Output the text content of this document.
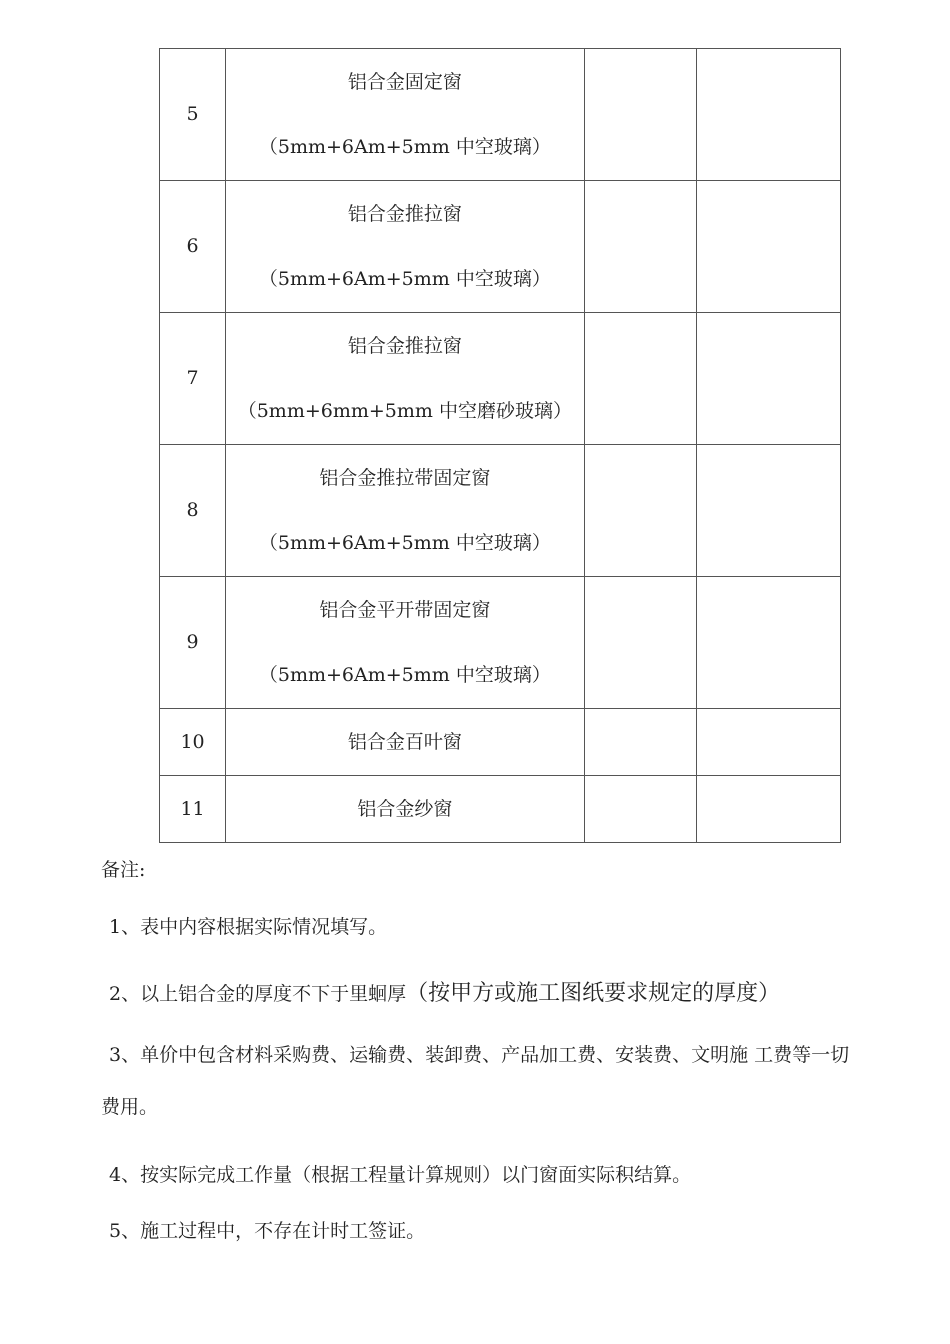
5	铝合金固定窗
（5mm+6Am+5mm 中空玻璃）		

6	铝合金推拉窗
（5mm+6Am+5mm 中空玻璃）		

7	铝合金推拉窗
（5mm+6mm+5mm 中空磨砂玻璃）		

8	铝合金推拉带固定窗
（5mm+6Am+5mm 中空玻璃）		

9	铝合金平开带固定窗
（5mm+6Am+5mm 中空玻璃）		

10	铝合金百叶窗		
11	铝合金纱窗		

备注:

1、表中内容根据实际情况填写。
2、以上铝合金的厚度不下于里蛔厚（按甲方或施工图纸要求规定的厚度）
3、单价中包含材料采购费、运输费、装卸费、产品加工费、安装费、文明施 工费等一切
费用。
4、按实际完成工作量（根据工程量计算规则）以门窗面实际积结算。
5、施工过程中，不存在计时工签证。
